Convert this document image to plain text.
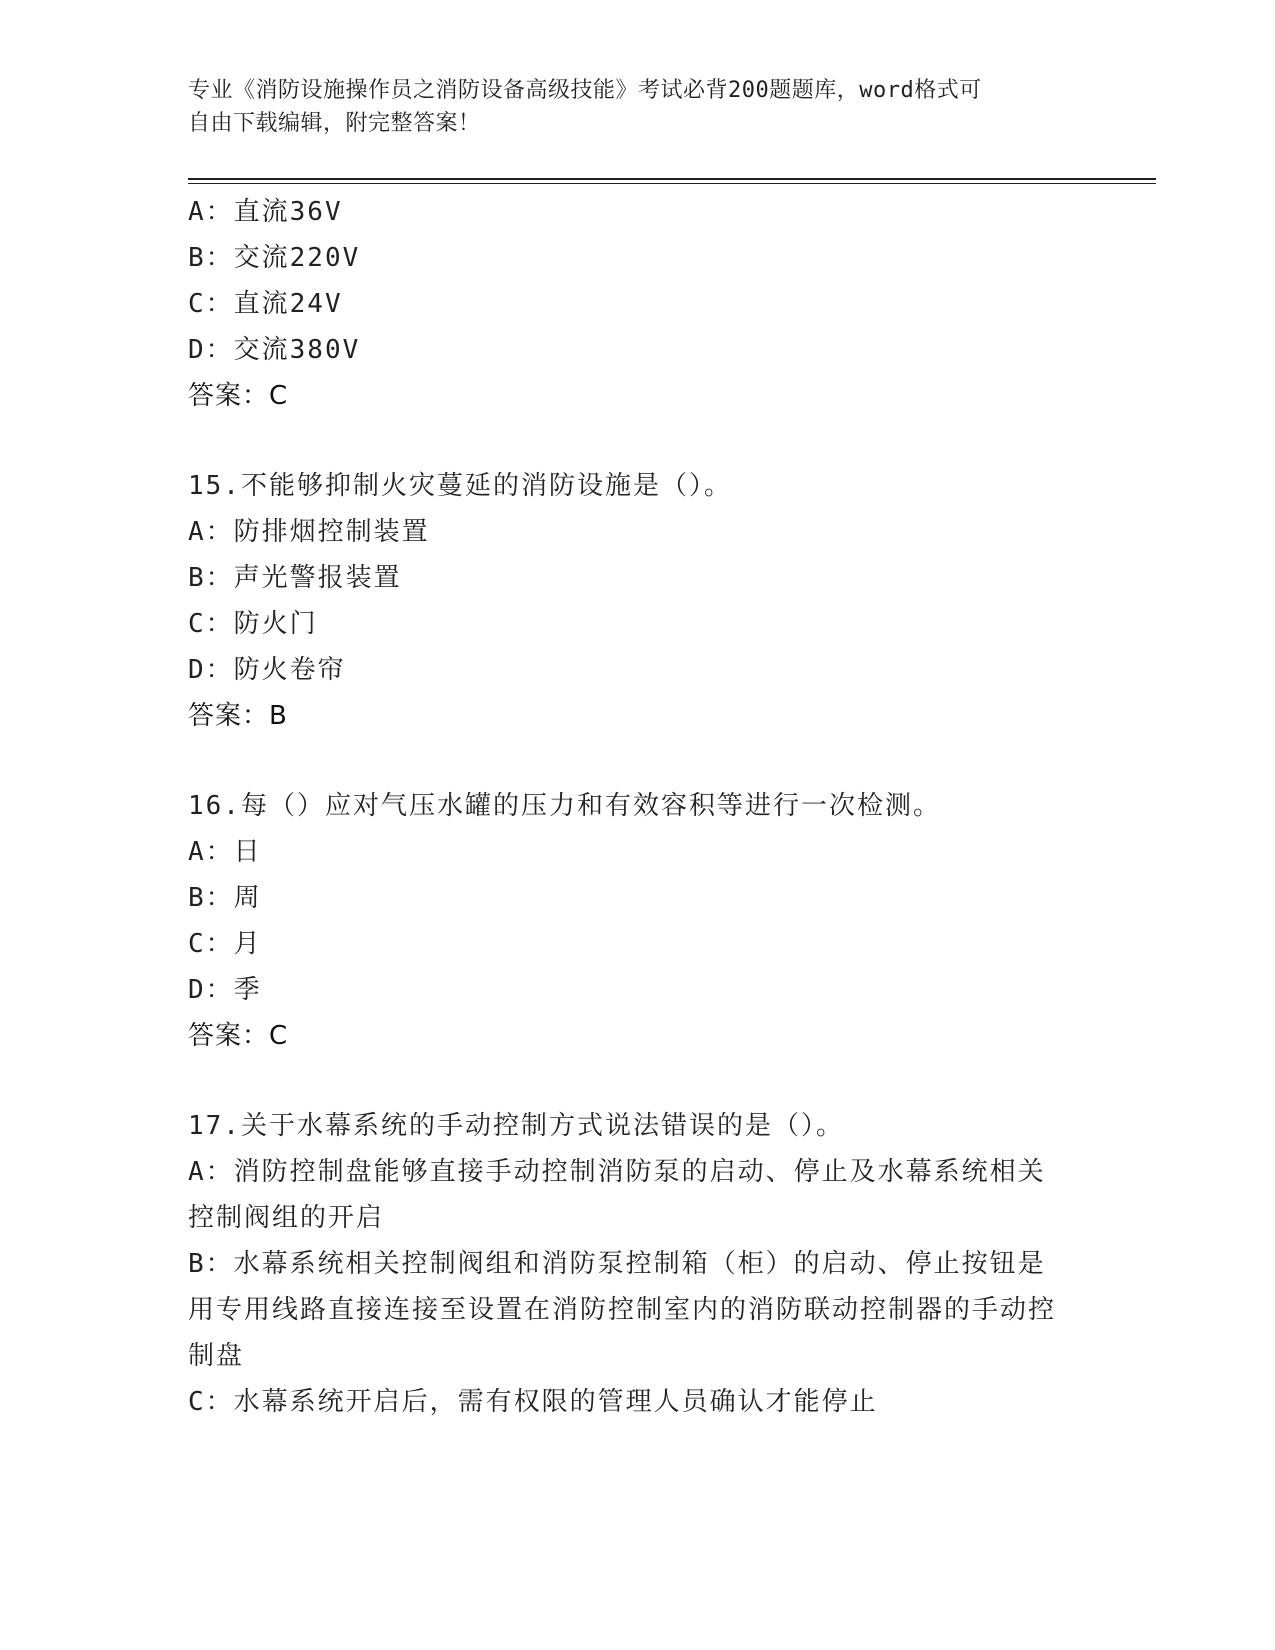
专业《消防设施操作员之消防设备高级技能》考试必背200题题库，word格式可
自由下载编辑，附完整答案！
A：直流36V
B：交流220V
C：直流24V
D：交流380V
答案：C
15.不能够抑制火灾蔓延的消防设施是（）。
A：防排烟控制装置
B：声光警报装置
C：防火门
D：防火卷帘
答案：B
16.每（）应对气压水罐的压力和有效容积等进行一次检测。
A：日
B：周
C：月
D：季
答案：C
17.关于水幕系统的手动控制方式说法错误的是（）。
A：消防控制盘能够直接手动控制消防泵的启动、停止及水幕系统相关控制阀组的开启
B：水幕系统相关控制阀组和消防泵控制箱（柜）的启动、停止按钮是用专用线路直接连接至设置在消防控制室内的消防联动控制器的手动控制盘
C：水幕系统开启后，需有权限的管理人员确认才能停止
